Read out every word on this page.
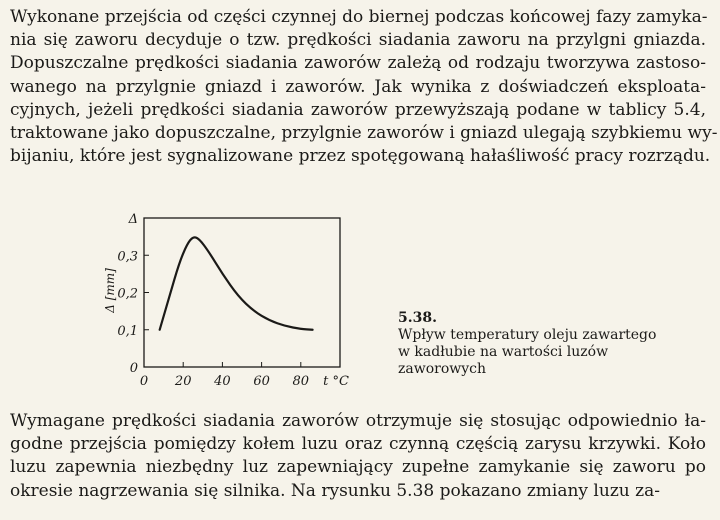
Wykonane przejścia od części czynnej do biernej podczas końcowej fazy zamyka-
nia się zaworu decyduje o tzw. prędkości siadania zaworu na przylgni gniazda.
Dopuszczalne prędkości siadania zaworów zależą od rodzaju tworzywa zastoso-
wanego na przylgnie gniazd i zaworów. Jak wynika z doświadczeń eksploata-
cyjnych, jeżeli prędkości siadania zaworów przewyższają podane w tablicy 5.4,
traktowane jako dopuszczalne, przylgnie zaworów i gniazd ulegają szybkiemu wy-
bijaniu, które jest sygnalizowane przez spotęgowaną hałaśliwość pracy rozrządu.
0
0,1
0,2
0,3
Δ
0 20 40 60 80 t °C
Δ [mm]
5.38.
Wpływ temperatury oleju zawartego
w kadłubie na wartości luzów
zaworowych
Wymagane prędkości siadania zaworów otrzymuje się stosując odpowiednio ła-
godne przejścia pomiędzy kołem luzu oraz czynną częścią zarysu krzywki. Koło
luzu zapewnia niezbędny luz zapewniający zupełne zamykanie się zaworu po
okresie nagrzewania się silnika. Na rysunku 5.38 pokazano zmiany luzu za-
